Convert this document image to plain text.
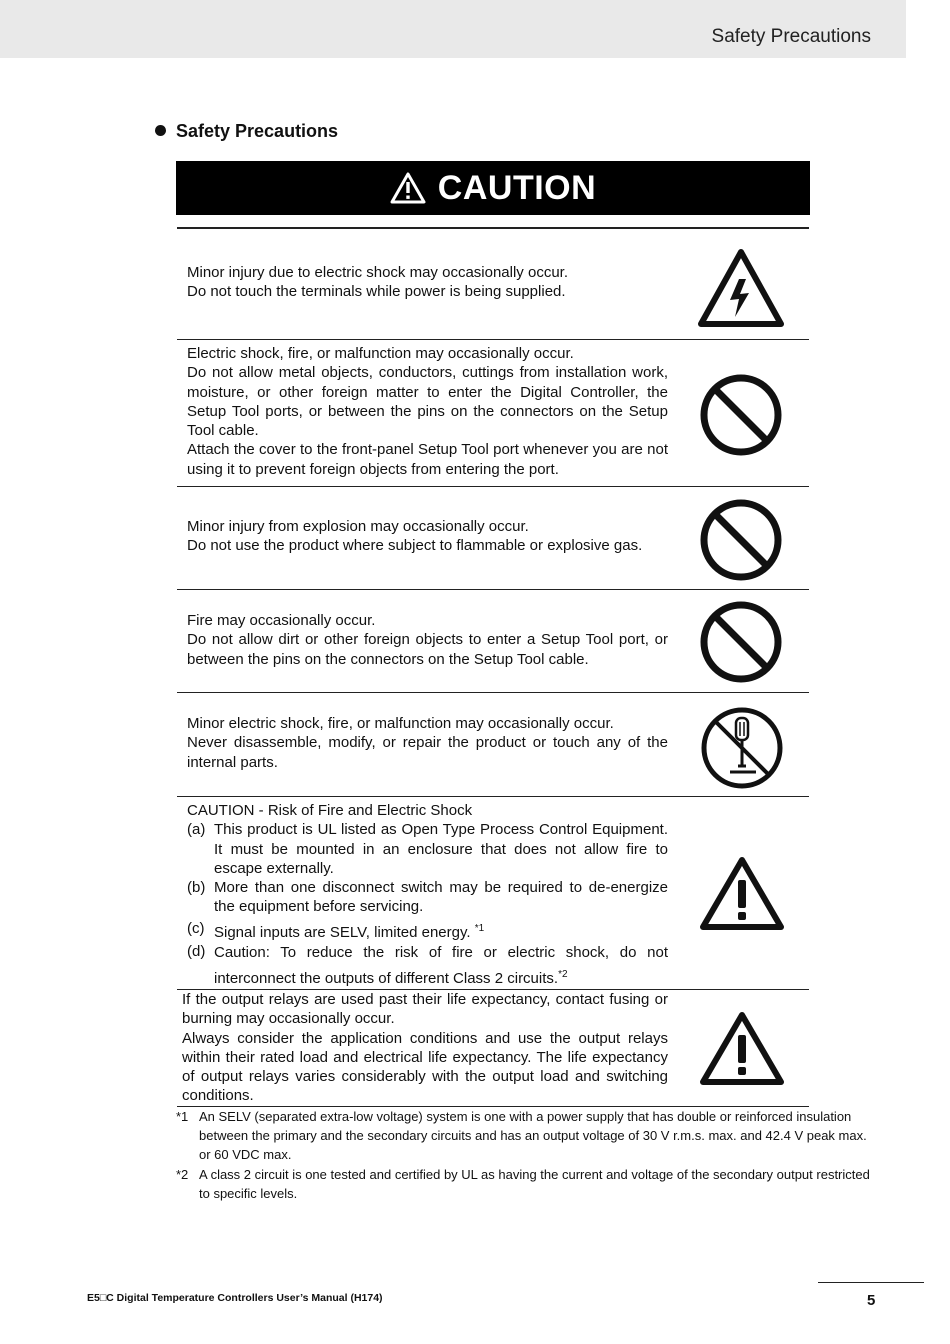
Safety Precautions
Safety Precautions
CAUTION

Minor injury due to electric shock may occasionally occur.

Do not touch the terminals while power is being supplied.

Electric shock, fire, or malfunction may occasionally occur.

Do not allow metal objects, conductors, cuttings from installation work, moisture, or other foreign matter to enter the Digital Controller, the Setup Tool ports, or between the pins on the connectors on the Setup Tool cable.

Attach the cover to the front-panel Setup Tool port whenever you are not using it to prevent foreign objects from entering the port.

Minor injury from explosion may occasionally occur.

Do not use the product where subject to flammable or explosive gas.

Fire may occasionally occur.

Do not allow dirt or other foreign objects to enter a Setup Tool port, or between the pins on the connectors on the Setup Tool cable.

Minor electric shock, fire, or malfunction may occasionally occur.

Never disassemble, modify, or repair the product or touch any of the internal parts.

CAUTION - Risk of Fire and Electric Shock

(a) This product is UL listed as Open Type Process Control Equipment. It must be mounted in an enclosure that does not allow fire to escape externally.
(b) More than one disconnect switch may be required to de-energize the equipment before servicing.
(c) Signal inputs are SELV, limited energy. $^{*1}$
(d) Caution: To reduce the risk of fire or electric shock, do not interconnect the outputs of different Class 2 circuits.$^{*2}$

If the output relays are used past their life expectancy, contact fusing or burning may occasionally occur.

Always consider the application conditions and use the output relays within their rated load and electrical life expectancy. The life expectancy of output relays varies considerably with the output load and switching conditions.

*1 An SELV (separated extra-low voltage) system is one with a power supply that has double or reinforced insulation between the primary and the secondary circuits and has an output voltage of 30 V r.m.s. max. and 42.4 V peak max. or 60 VDC max.
*2 A class 2 circuit is one tested and certified by UL as having the current and voltage of the secondary output restricted to specific levels.
E5□C Digital Temperature Controllers User’s Manual (H174)	5
